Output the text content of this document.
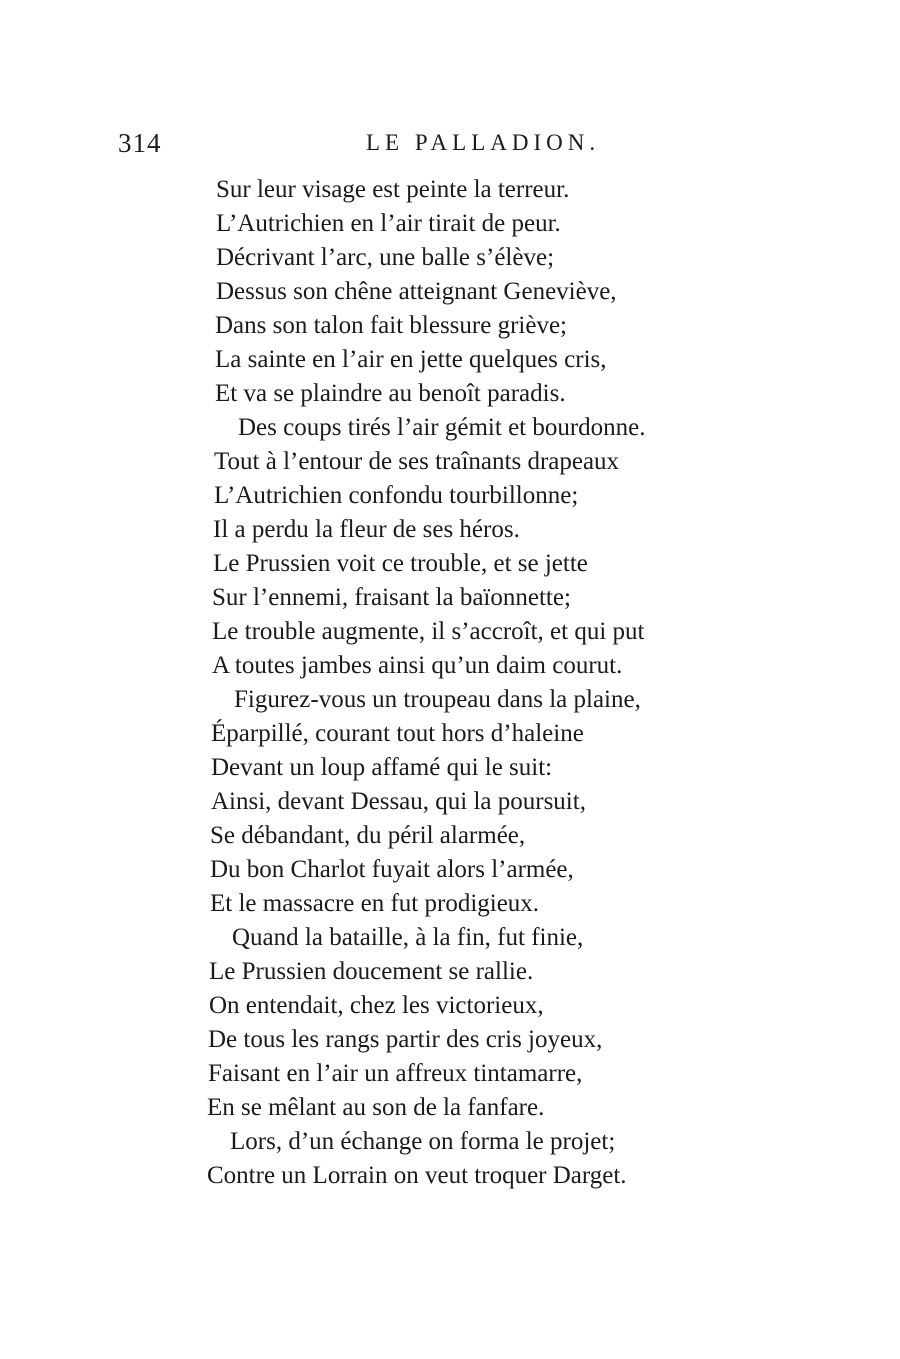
314	LE PALLADION.
Sur leur visage est peinte la terreur.
L’Autrichien en l’air tirait de peur.
Décrivant l’arc, une balle s’élève;
Dessus son chêne atteignant Geneviève,
Dans son talon fait blessure griève;
La sainte en l’air en jette quelques cris,
Et va se plaindre au benoît paradis.
Des coups tirés l’air gémit et bourdonne.
Tout à l’entour de ses traînants drapeaux
L’Autrichien confondu tourbillonne;
Il a perdu la fleur de ses héros.
Le Prussien voit ce trouble, et se jette
Sur l’ennemi, fraisant la baïonnette;
Le trouble augmente, il s’accroît, et qui put
A toutes jambes ainsi qu’un daim courut.
Figurez-vous un troupeau dans la plaine,
Éparpillé, courant tout hors d’haleine
Devant un loup affamé qui le suit:
Ainsi, devant Dessau, qui la poursuit,
Se débandant, du péril alarmée,
Du bon Charlot fuyait alors l’armée,
Et le massacre en fut prodigieux.
Quand la bataille, à la fin, fut finie,
Le Prussien doucement se rallie.
On entendait, chez les victorieux,
De tous les rangs partir des cris joyeux,
Faisant en l’air un affreux tintamarre,
En se mêlant au son de la fanfare.
Lors, d’un échange on forma le projet;
Contre un Lorrain on veut troquer Darget.
